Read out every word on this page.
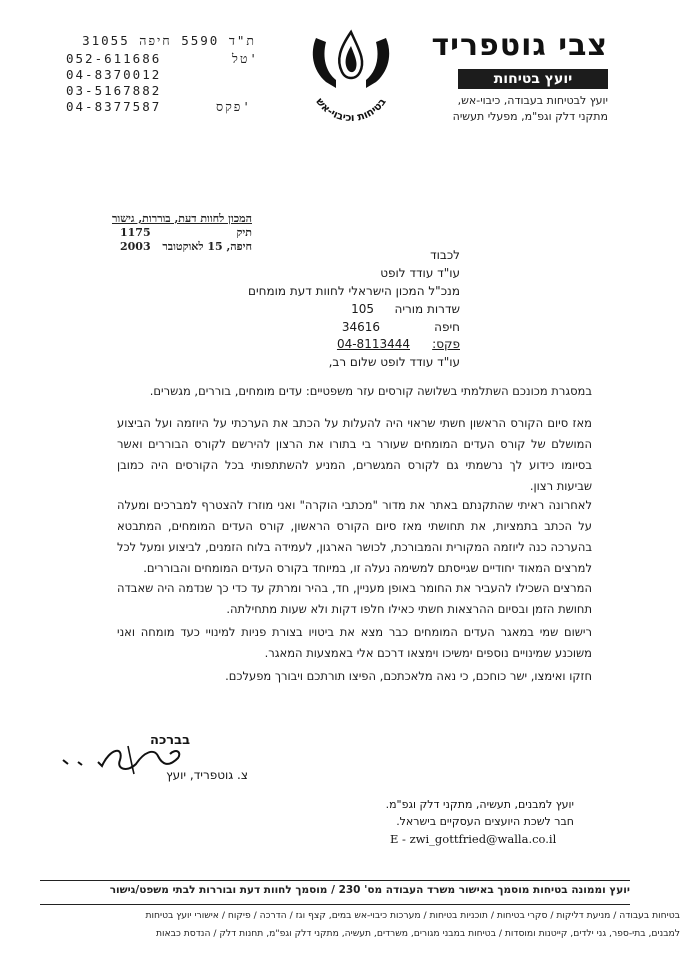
צבי גוטפריד
יועץ בטיחות
יועץ לבטיחות בעבודה, כיבוי-אש,
מתקני דלק וגפ"מ, מפעלי תעשיה
בטיחות וכיבוי-אש
ת"ד 5590 חיפה 31055
052-611686	טל'
04-8370012
03-5167882
04-8377587	פקס'
המכון לחוות דעת, בוררות, גישור
תיק
1175
חיפה, 15 לאוקטובר
2003
לכבוד
עו"ד עודד לופט
מנכ"ל המכון הישראלי לחוות דעת מומחים
שדרות מוריה
105
חיפה
34616
פקס:
04-8113444
עו"ד עודד לופט שלום רב,
במסגרת מכונכם השתלמתי בשלושה קורסים עזר משפטיים: עדים מומחים, בוררים, מגשרים.
מאז סיום הקורס הראשון חשתי שראוי היה להעלות על הכתב את הערכתי על היוזמה ועל הביצוע המושלם של קורס העדים המומחים שעורר בי בתורו את הרצון להירשם לקורס הבוררים ואשר בסיומו כידוע לך נרשמתי גם לקורס המגשרים, המניע להשתתפותי בכל הקורסים היה כמובן שביעות רצון.
לאחרונה ראיתי שהתקנתם באתר את מדור "מכתבי הוקרה" ואני מוזרז להצטרף למברכים ומעלה על הכתב בתמציות, את תחושתי מאז סיום הקורס הראשון, קורס העדים המומחים, המתבטא בהערכה כנה ליוזמה המקורית והמבורכת, לכושר הארגון, לעמידה בלוח הזמנים, לביצוע ומעל לכל למרצים המאוד יחודיים שגייסתם למשימה נעלה זו, במיוחד בקורס העדים המומחים והבוררים.
המרצים השכילו להעביר את החומר באופן מעניין, חד, בהיר ומרתק עד כדי כך שנדמה היה שאבדה תחושת הזמן ובסיום ההרצאות חשתי כאילו חלפו דקות ולא שעות מתחילתה.
רישום שמי במאגר העדים המומחים כבר מצא את ביטויו בצורת פניות למינויי כעד מומחה ואני משוכנע שמינויים נוספים ימשיכו וימצאו דרכם אלי באמצעות המאגר.
חזקו ואימצו, ישר כוחכם, כי נאה מלאכתכם, הפיצו תורתכם ויבורך מפעלכם.
בברכה
צ. גוטפריד, יועץ
יועץ למבנים, תעשיה, מתקני דלק וגפ"מ.
חבר לשכת היועצים העסקיים בישראל.
E - zwi_gottfried@walla.co.il
יועץ וממונה בטיחות מוסמך באישור משרד העבודה מס' 230 / מוסמך לחוות דעת ובוררות לבתי משפט/גישור
בטיחות בעבודה / מניעת דליקות / סקרי בטיחות / תוכניות בטיחות / מערכות כיבוי-אש במים, קצף וגז / הדרכה / פיקוח / אישורי יועץ בטיחות
למבנים, בתי-ספר, גני ילדים, קייטנות ומוסדות / בטיחות במבני מגורים, משרדים, תעשיה, מתקני דלק וגפ"מ, תחנות דלק / הנדסת כבאות
